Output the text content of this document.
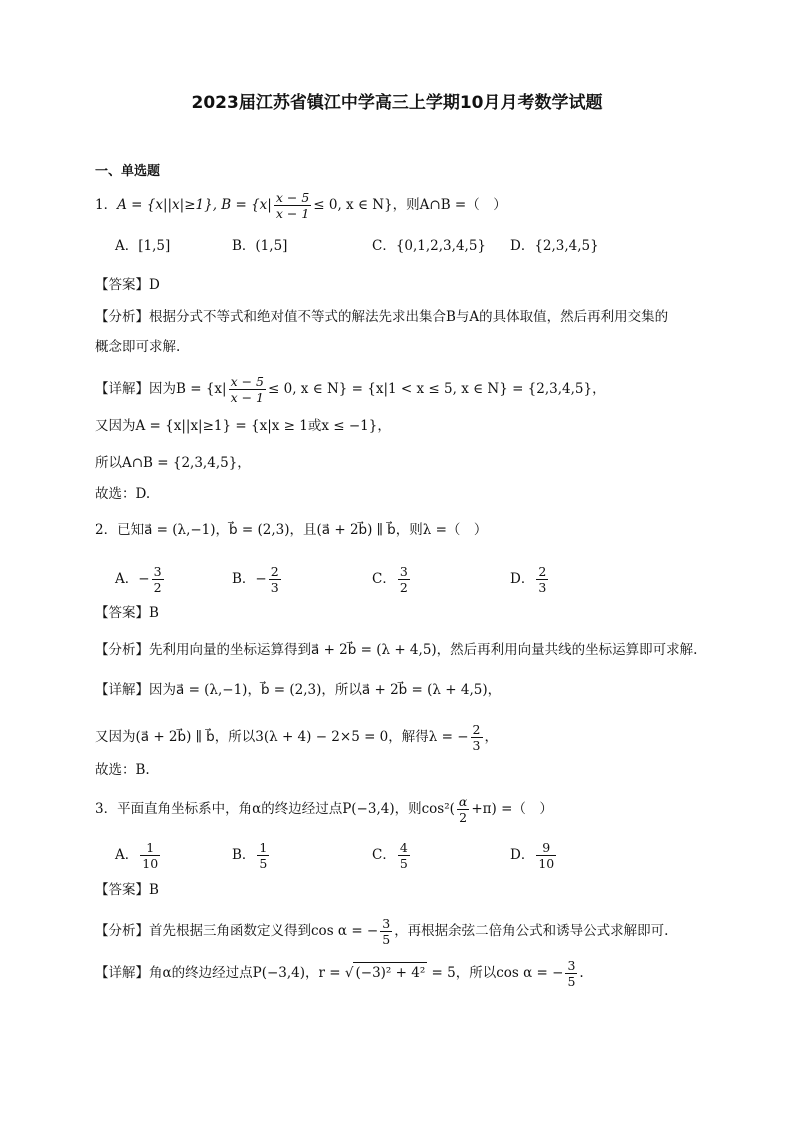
2023届江苏省镇江中学高三上学期10月月考数学试题
一、单选题
1．A = {x||x|≥1}, $B = \{x| \frac{x - 5}{x - 1} \le 0$, x ∈ N}，则A∩B =（　）
A．[1,5]	B．(1,5]	C．{0,1,2,3,4,5} D．{2,3,4,5}
【答案】D
【分析】根据分式不等式和绝对值不等式的解法先求出集合B与A的具体取值，然后再利用交集的
概念即可求解.
【详解】因为$B = \{x| \frac{x - 5}{x - 1} \le 0$, x ∈ N} = {x|1 < x ≤ 5, x ∈ N} = {2,3,4,5}，
又因为A = {x||x|≥1} = {x|x ≥ 1或x ≤ −1}，
所以A∩B = {2,3,4,5}，
故选：D.
2．已知a⃗ = (λ,−1)，b⃗ = (2,3)，且(a⃗ + 2b⃗) ∥ b⃗，则λ =（　）
A．− $\frac{3}{2}$	B．− $\frac{2}{3}$	C． $\frac{3}{2}$	D． $\frac{2}{3}$
【答案】B
【分析】先利用向量的坐标运算得到a⃗ + 2b⃗ = (λ + 4,5)，然后再利用向量共线的坐标运算即可求解.
【详解】因为a⃗ = (λ,−1)，b⃗ = (2,3)，所以a⃗ + 2b⃗ = (λ + 4,5)，
又因为(a⃗ + 2b⃗) ∥ b⃗，所以3(λ + 4) − 2×5 = 0，解得λ = − $\frac{2}{3}$ ，
故选：B.
3．平面直角坐标系中，角α的终边经过点P(−3,4)，则$\cos^2( \frac{\alpha}{2} +\pi)$ =（　）
A． $\frac{1}{10}$	B． $\frac{1}{5}$	C． $\frac{4}{5}$	D． $\frac{9}{10}$
【答案】B
【分析】首先根据三角函数定义得到cos α = − $\frac{3}{5}$ ，再根据余弦二倍角公式和诱导公式求解即可.
【详解】角α的终边经过点P(−3,4)，r = √ (−3)² + 4² = 5，所以cos α = − $\frac{3}{5}$ .
